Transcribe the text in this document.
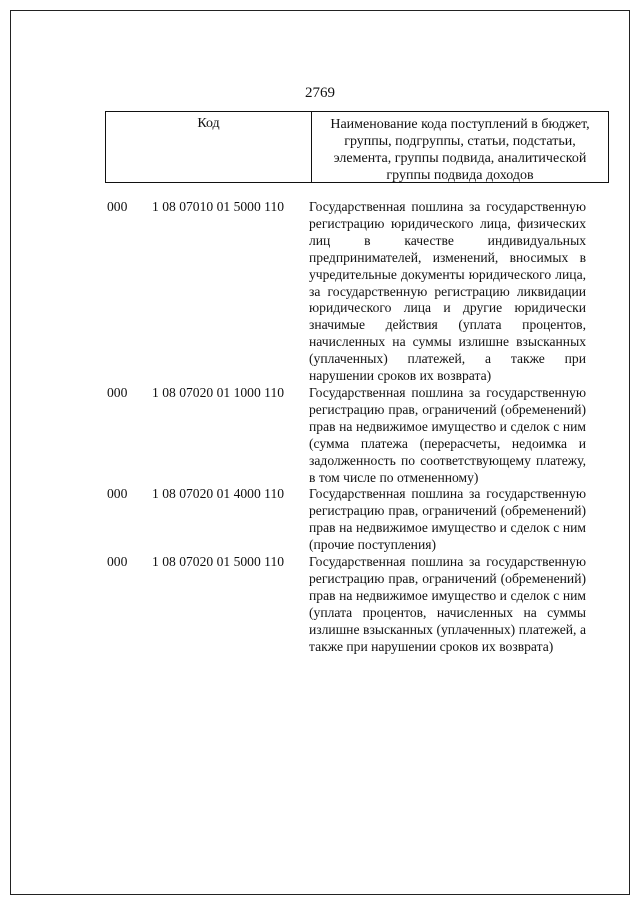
2769
Код	Наименование кода поступлений в бюджет, группы, подгруппы, статьи, подстатьи, элемента, группы подвида, аналитической группы подвида доходов
000 1 08 07010 01 5000 110 Государственная пошлина за государственную регистрацию юридического лица, физических лиц в качестве индивидуальных предпринимателей, изменений, вносимых в учредительные документы юридического лица, за государственную регистрацию ликвидации юридического лица и другие юридически значимые действия (уплата процентов, начисленных на суммы излишне взысканных (уплаченных) платежей, а также при нарушении сроков их возврата)
000 1 08 07020 01 1000 110 Государственная пошлина за государственную регистрацию прав, ограничений (обременений) прав на недвижимое имущество и сделок с ним (сумма платежа (перерасчеты, недоимка и задолженность по соответствующему платежу, в том числе по отмененному)
000 1 08 07020 01 4000 110 Государственная пошлина за государственную регистрацию прав, ограничений (обременений) прав на недвижимое имущество и сделок с ним (прочие поступления)
000 1 08 07020 01 5000 110 Государственная пошлина за государственную регистрацию прав, ограничений (обременений) прав на недвижимое имущество и сделок с ним (уплата процентов, начисленных на суммы излишне взысканных (уплаченных) платежей, а также при нарушении сроков их возврата)
